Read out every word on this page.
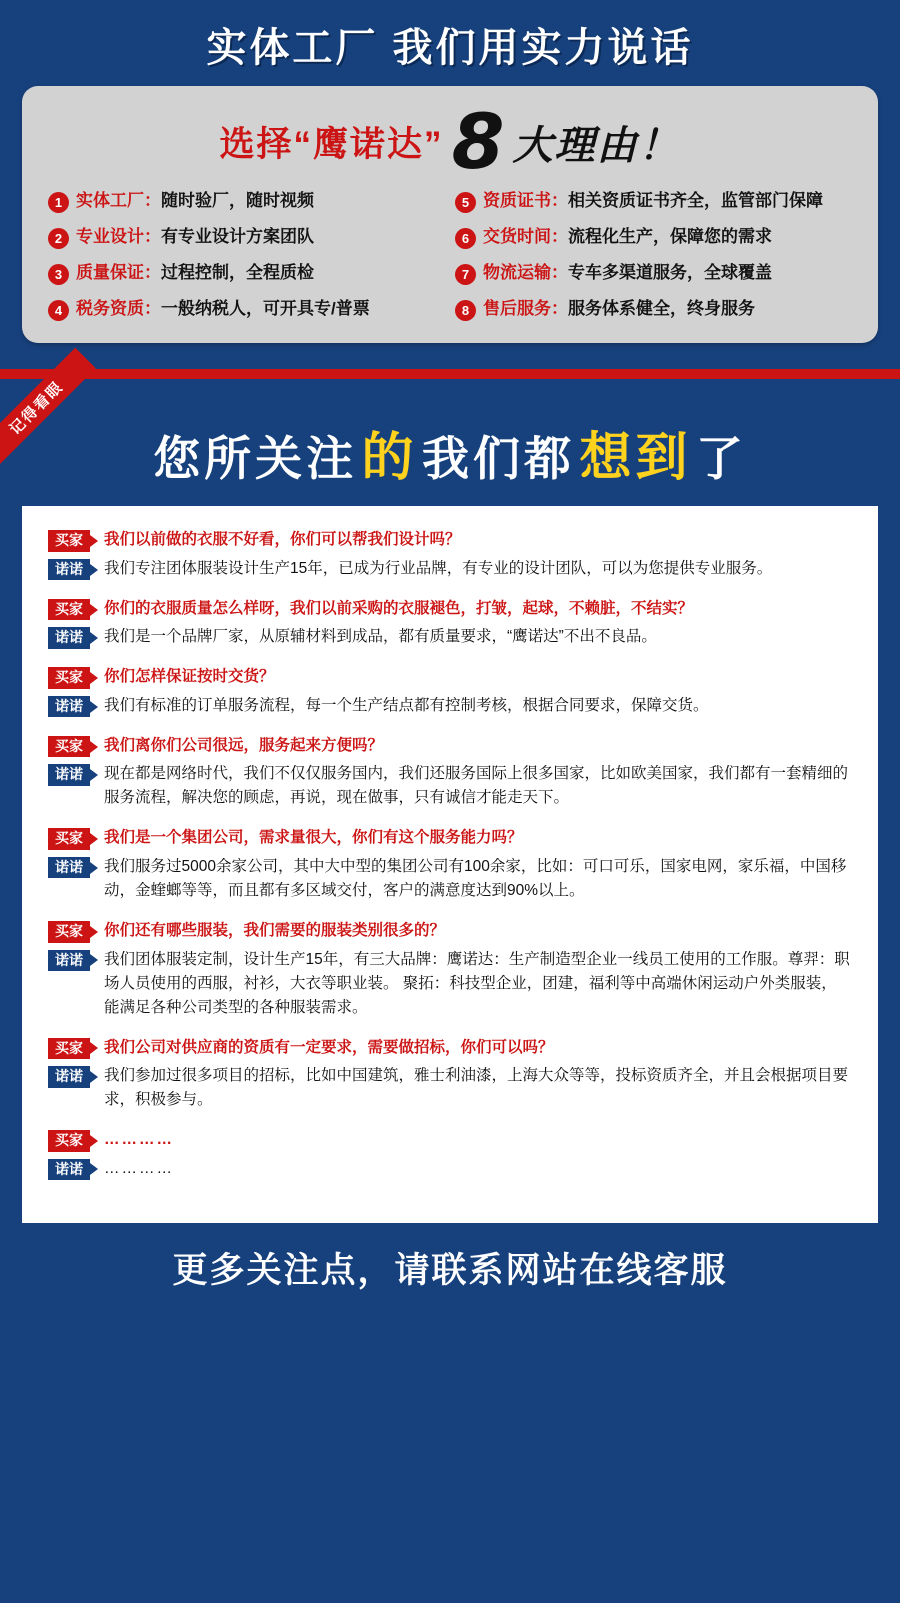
实体工厂 我们用实力说话
选择“鹰诺达” 8 大理由！
1 实体工厂：随时验厂，随时视频	5 资质证书：相关资质证书齐全，监管部门保障
2 专业设计：有专业设计方案团队	6 交货时间：流程化生产，保障您的需求
3 质量保证：过程控制，全程质检	7 物流运输：专车多渠道服务，全球覆盖
4 税务资质：一般纳税人，可开具专/普票	8 售后服务：服务体系健全，终身服务
记得看眼
您所关注 的 我们都 想到 了
买家	我们以前做的衣服不好看，你们可以帮我们设计吗？
诺诺	我们专注团体服装设计生产15年，已成为行业品牌，有专业的设计团队，可以为您提供专业服务。
买家	你们的衣服质量怎么样呀，我们以前采购的衣服褪色，打皱，起球，不赖脏，不结实？
诺诺	我们是一个品牌厂家，从原辅材料到成品，都有质量要求，“鹰诺达”不出不良品。
买家	你们怎样保证按时交货？
诺诺	我们有标准的订单服务流程，每一个生产结点都有控制考核，根据合同要求，保障交货。
买家	我们离你们公司很远，服务起来方便吗？
诺诺	现在都是网络时代，我们不仅仅服务国内，我们还服务国际上很多国家，比如欧美国家，我们都有一套精细的服务流程，解决您的顾虑，再说，现在做事，只有诚信才能走天下。
买家	我们是一个集团公司，需求量很大，你们有这个服务能力吗？
诺诺	我们服务过5000余家公司，其中大中型的集团公司有100余家，比如：可口可乐，国家电网，家乐福，中国移动，金蝰螂等等，而且都有多区域交付，客户的满意度达到90%以上。
买家	你们还有哪些服装，我们需要的服装类别很多的？
诺诺	我们团体服装定制，设计生产15年，有三大品牌：鹰诺达：生产制造型企业一线员工使用的工作服。尊羿：职场人员使用的西服，衬衫，大衣等职业装。 聚拓：科技型企业，团建，福利等中高端休闲运动户外类服装，能满足各种公司类型的各种服装需求。
买家	我们公司对供应商的资质有一定要求，需要做招标，你们可以吗？
诺诺	我们参加过很多项目的招标，比如中国建筑，雅士利油漆，上海大众等等，投标资质齐全，并且会根据项目要求，积极参与。
买家	…………
诺诺	…………
更多关注点，请联系网站在线客服
